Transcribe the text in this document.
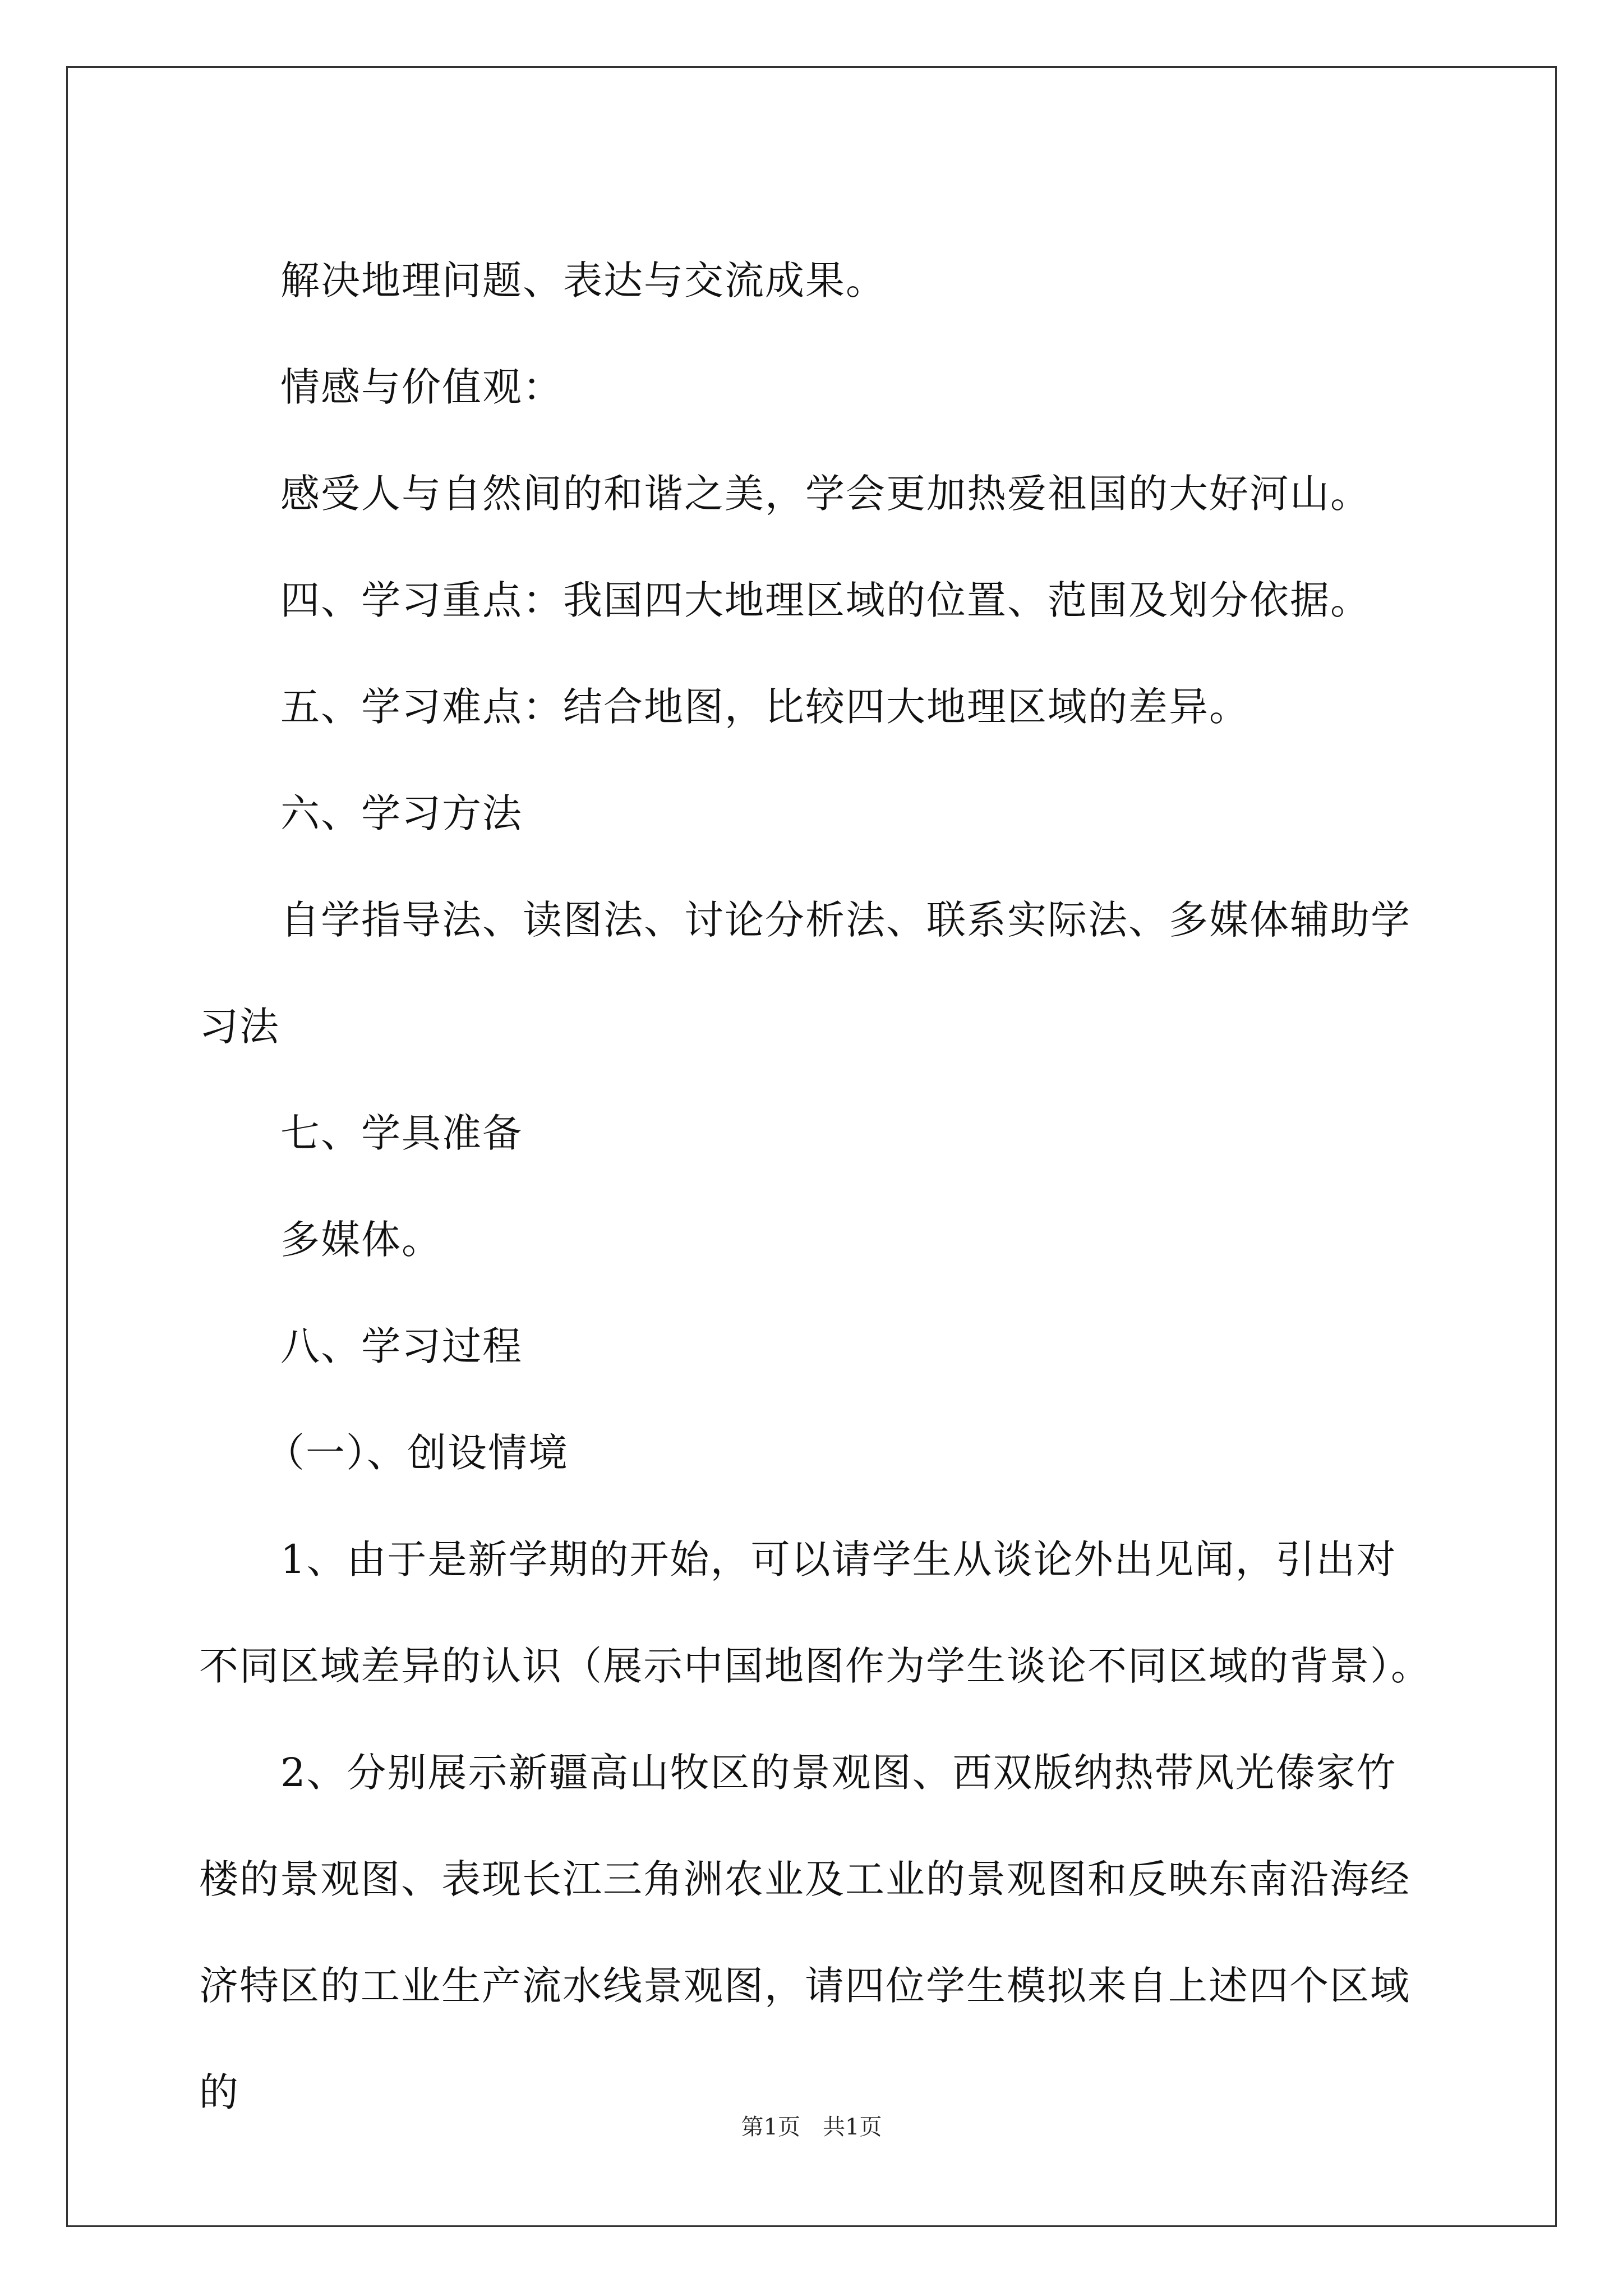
解决地理问题、表达与交流成果。

情感与价值观：

感受人与自然间的和谐之美，学会更加热爱祖国的大好河山。

四、学习重点：我国四大地理区域的位置、范围及划分依据。

五、学习难点：结合地图，比较四大地理区域的差异。

六、学习方法

自学指导法、读图法、讨论分析法、联系实际法、多媒体辅助学习法

七、学具准备

多媒体。

八、学习过程

（一）、创设情境

1、由于是新学期的开始，可以请学生从谈论外出见闻，引出对不同区域差异的认识（展示中国地图作为学生谈论不同区域的背景）。

2、分别展示新疆高山牧区的景观图、西双版纳热带风光傣家竹楼的景观图、表现长江三角洲农业及工业的景观图和反映东南沿海经济特区的工业生产流水线景观图，请四位学生模拟来自上述四个区域的

第1页　共1页
